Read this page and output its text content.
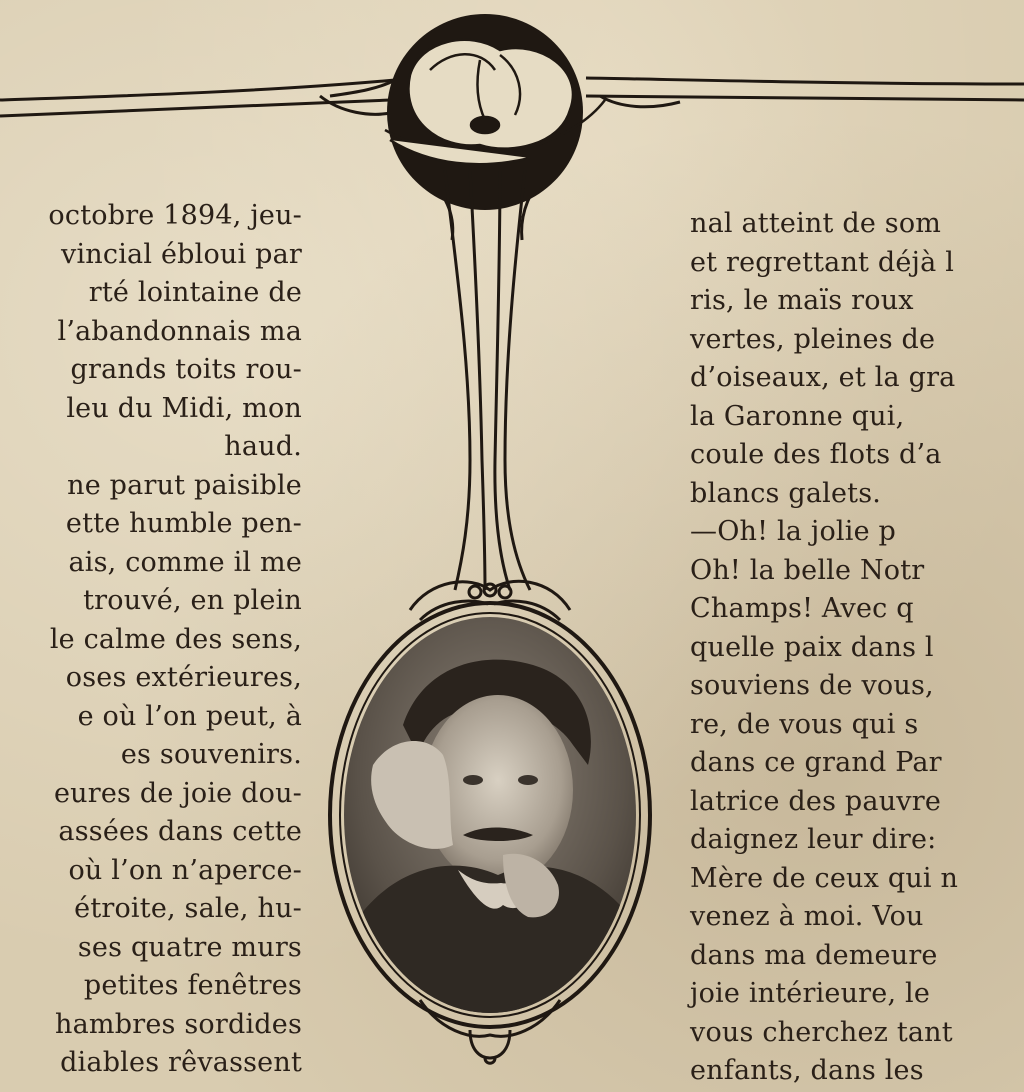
octobre 1894, jeu-
vincial ébloui par
rté lointaine de
l’abandonnais ma
grands toits rou-
leu du Midi, mon
haud.
ne parut paisible
ette humble pen-
ais, comme il me
trouvé, en plein
le calme des sens,
oses extérieures,
e où l’on peut, à
es souvenirs.
eures de joie dou-
assées dans cette
où l’on n’aperce-
étroite, sale, hu-
ses quatre murs
petites fenêtres
hambres sordides
diables rêvassent
nal atteint de som
et regrettant déjà l
ris, le maïs roux
vertes, pleines de
d’oiseaux, et la gra
la Garonne qui,
coule des flots d’a
blancs galets.
—Oh! la jolie p
Oh! la belle Notr
Champs! Avec q
quelle paix dans l
souviens de vous,
re, de vous qui s
dans ce grand Par
latrice des pauvre
daignez leur dire:
Mère de ceux qui n
venez à moi. Vou
dans ma demeure
joie intérieure, le
vous cherchez tant
enfants, dans les
